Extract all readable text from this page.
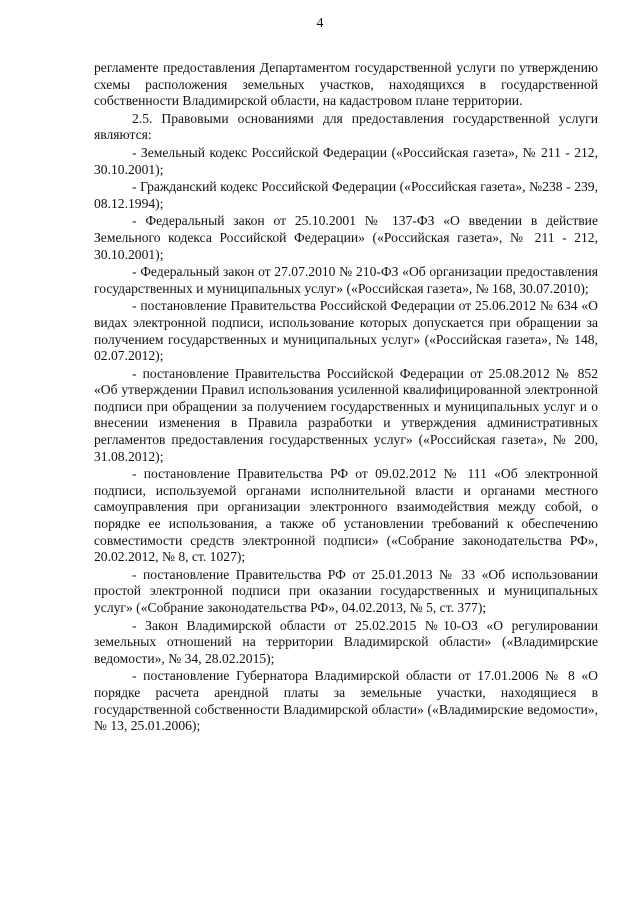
4

регламенте предоставления Департаментом государственной услуги по утверждению схемы расположения земельных участков, находящихся в государственной собственности Владимирской области, на кадастровом плане территории.

2.5. Правовыми основаниями для предоставления государственной услуги являются:

- Земельный кодекс Российской Федерации («Российская газета», № 211 - 212, 30.10.2001);

- Гражданский кодекс Российской Федерации («Российская газета», №238 - 239, 08.12.1994);

- Федеральный закон от 25.10.2001 № 137-ФЗ «О введении в действие Земельного кодекса Российской Федерации» («Российская газета», № 211 - 212, 30.10.2001);

- Федеральный закон от 27.07.2010 № 210-ФЗ «Об организации предоставления государственных и муниципальных услуг» («Российская газета», № 168, 30.07.2010);

- постановление Правительства Российской Федерации от 25.06.2012 № 634 «О видах электронной подписи, использование которых допускается при обращении за получением государственных и муниципальных услуг» («Российская газета», № 148, 02.07.2012);

- постановление Правительства Российской Федерации от 25.08.2012 № 852 «Об утверждении Правил использования усиленной квалифицированной электронной подписи при обращении за получением государственных и муниципальных услуг и о внесении изменения в Правила разработки и утверждения административных регламентов предоставления государственных услуг» («Российская газета», № 200, 31.08.2012);

- постановление Правительства РФ от 09.02.2012 № 111 «Об электронной подписи, используемой органами исполнительной власти и органами местного самоуправления при организации электронного взаимодействия между собой, о порядке ее использования, а также об установлении требований к обеспечению совместимости средств электронной подписи» («Собрание законодательства РФ», 20.02.2012, № 8, ст. 1027);

- постановление Правительства РФ от 25.01.2013 № 33 «Об использовании простой электронной подписи при оказании государственных и муниципальных услуг» («Собрание законодательства РФ», 04.02.2013, № 5, ст. 377);

- Закон Владимирской области от 25.02.2015 №10-ОЗ «О регулировании земельных отношений на территории Владимирской области» («Владимирские ведомости», № 34, 28.02.2015);

- постановление Губернатора Владимирской области от 17.01.2006 № 8 «О порядке расчета арендной платы за земельные участки, находящиеся в государственной собственности Владимирской области» («Владимирские ведомости», № 13, 25.01.2006);
